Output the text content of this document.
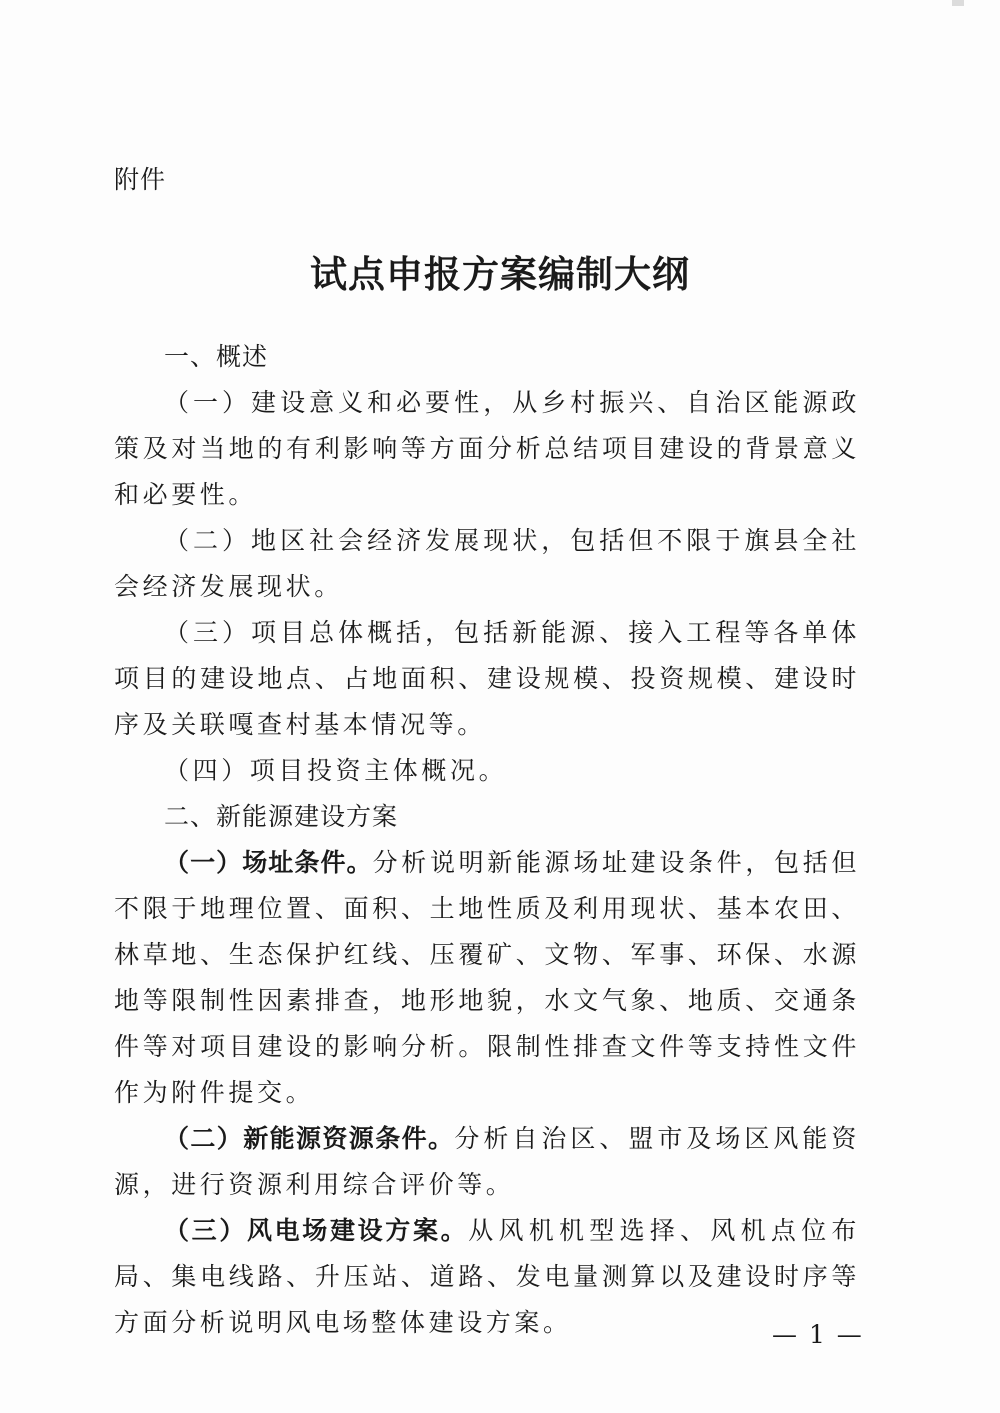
附件
试点申报方案编制大纲

一、概述

（一）建设意义和必要性，从乡村振兴、自治区能源政策及对当地的有利影响等方面分析总结项目建设的背景意义和必要性。

（二）地区社会经济发展现状，包括但不限于旗县全社会经济发展现状。

（三）项目总体概括，包括新能源、接入工程等各单体项目的建设地点、占地面积、建设规模、投资规模、建设时序及关联嘎查村基本情况等。

（四）项目投资主体概况。

二、新能源建设方案

（一）场址条件。分析说明新能源场址建设条件，包括但不限于地理位置、面积、土地性质及利用现状、基本农田、林草地、生态保护红线、压覆矿、文物、军事、环保、水源地等限制性因素排查，地形地貌，水文气象、地质、交通条件等对项目建设的影响分析。限制性排查文件等支持性文件作为附件提交。

（二）新能源资源条件。分析自治区、盟市及场区风能资源，进行资源利用综合评价等。

（三）风电场建设方案。从风机机型选择、风机点位布局、集电线路、升压站、道路、发电量测算以及建设时序等方面分析说明风电场整体建设方案。	— 1 —
